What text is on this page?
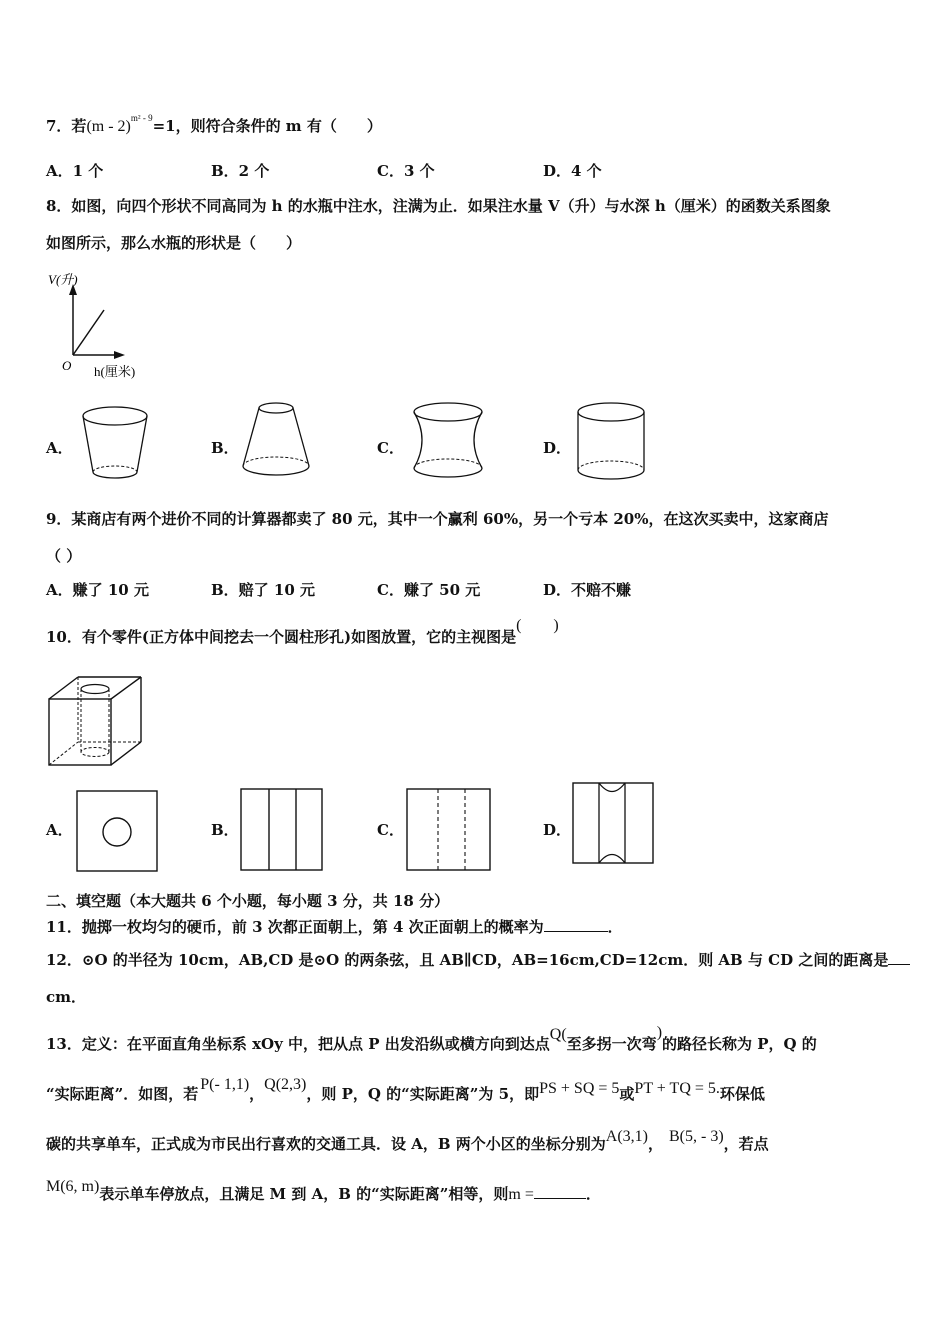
7．若(m - 2)$^{m^2 - 9}$=1，则符合条件的 m 有（　　）
A．1 个	B．2 个	C．3 个	D．4 个
8．如图，向四个形状不同高同为 h 的水瓶中注水，注满为止．如果注水量 V（升）与水深 h（厘米）的函数关系图象
如图所示，那么水瓶的形状是（　　）
V(升)
O h(厘米)
A．	B．	C．	D．
9．某商店有两个进价不同的计算器都卖了 80 元，其中一个赢利 60%，另一个亏本 20%，在这次买卖中，这家商店
（ ）
A．赚了 10 元	B．赔了 10 元	C．赚了 50 元	D．不赔不赚
10．有个零件(正方体中间挖去一个圆柱形孔)如图放置，它的主视图是(　　)
A．	B．	C．	D．
二、填空题（本大题共 6 个小题，每小题 3 分，共 18 分）
11．抛掷一枚均匀的硬币，前 3 次都正面朝上，第 4 次正面朝上的概率为	．
12．⊙O 的半径为 10cm，AB,CD 是⊙O 的两条弦，且 AB∥CD，AB=16cm,CD=12cm．则 AB 与 CD 之间的距离是
cm．
13．定义：在平面直角坐标系 xOy 中，把从点 P 出发沿纵或横方向到达点Q(至多拐一次弯)的路径长称为 P，Q 的
“实际距离”．如图，若P(- 1,1)，Q(2,3)，则 P，Q 的“实际距离”为 5，即PS + SQ = 5或PT + TQ = 5.环保低
碳的共享单车，正式成为市民出行喜欢的交通工具．设 A，B 两个小区的坐标分别为A(3,1)， B(5, - 3)，若点
M(6, m)表示单车停放点，且满足 M 到 A，B 的“实际距离”相等，则m =	．
